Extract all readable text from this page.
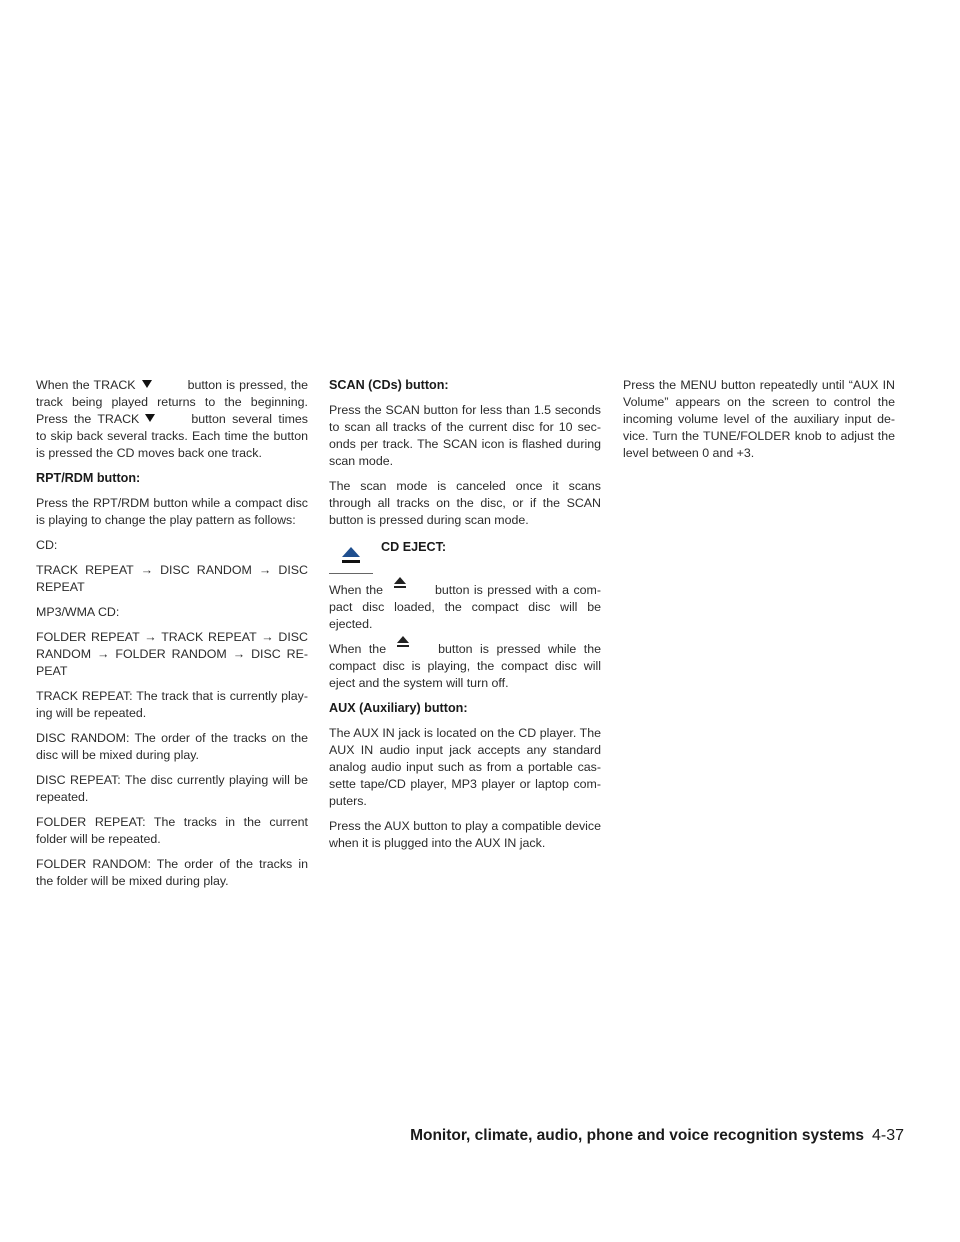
When the TRACK	button is pressed, the track being played returns to the beginning. Press the TRACK	button several times to skip back several tracks. Each time the button is pressed the CD moves back one track.

RPT/RDM button:

Press the RPT/RDM button while a compact disc is playing to change the play pattern as follows:

CD:

TRACK REPEAT → DISC RANDOM → DISC REPEAT

MP3/WMA CD:

FOLDER REPEAT → TRACK REPEAT → DISC RANDOM → FOLDER RANDOM → DISC RE- PEAT

TRACK REPEAT: The track that is currently play- ing will be repeated.

DISC RANDOM: The order of the tracks on the disc will be mixed during play.

DISC REPEAT: The disc currently playing will be repeated.

FOLDER REPEAT: The tracks in the current folder will be repeated.

FOLDER RANDOM: The order of the tracks in the folder will be mixed during play.

SCAN (CDs) button:

Press the SCAN button for less than 1.5 seconds to scan all tracks of the current disc for 10 sec- onds per track. The SCAN icon is flashed during scan mode.

The scan mode is canceled once it scans through all tracks on the disc, or if the SCAN button is pressed during scan mode.

CD EJECT:

When the	button is pressed with a com- pact disc loaded, the compact disc will be ejected.

When the	button is pressed while the compact disc is playing, the compact disc will eject and the system will turn off.

AUX (Auxiliary) button:

The AUX IN jack is located on the CD player. The AUX IN audio input jack accepts any standard analog audio input such as from a portable cas- sette tape/CD player, MP3 player or laptop com- puters.

Press the AUX button to play a compatible device when it is plugged into the AUX IN jack.

Press the MENU button repeatedly until “AUX IN Volume” appears on the screen to control the incoming volume level of the auxiliary input de- vice. Turn the TUNE/FOLDER knob to adjust the level between 0 and +3.

Monitor, climate, audio, phone and voice recognition systems 4-37
